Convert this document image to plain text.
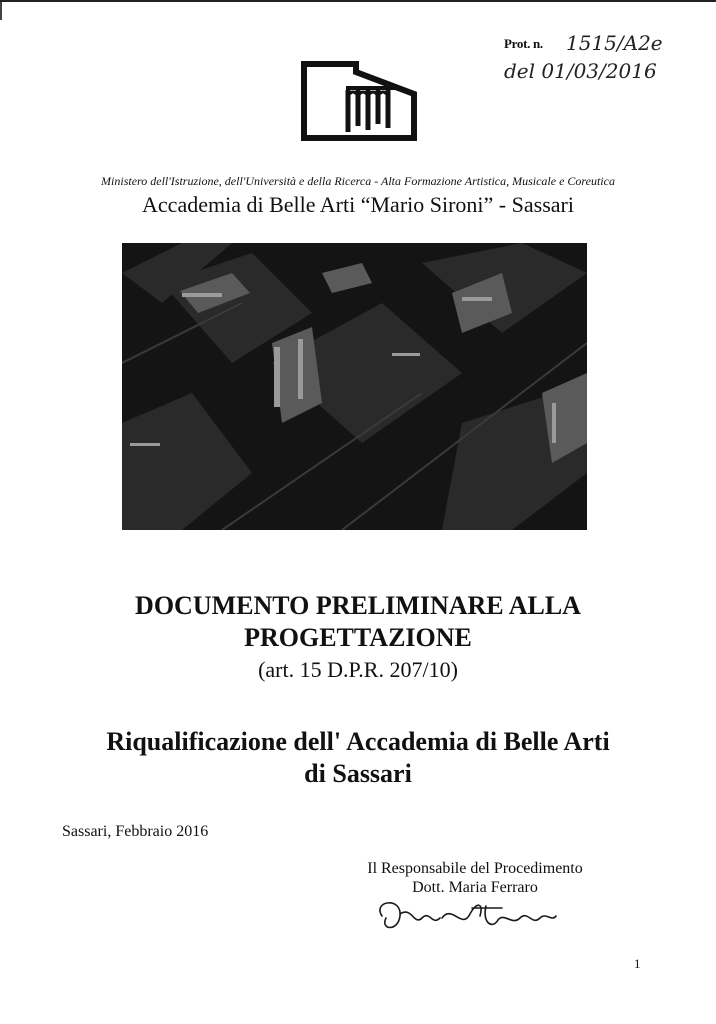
Prot. n. 1515/A2e
del 01/03/2016
Ministero dell'Istruzione, dell'Università e della Ricerca - Alta Formazione Artistica, Musicale e Coreutica
Accademia di Belle Arti “Mario Sironi” - Sassari
DOCUMENTO PRELIMINARE ALLA
PROGETTAZIONE
(art. 15 D.P.R. 207/10)
Riqualificazione dell' Accademia di Belle Arti
di Sassari
Sassari, Febbraio 2016
Il Responsabile del Procedimento
Dott. Maria Ferraro
1
